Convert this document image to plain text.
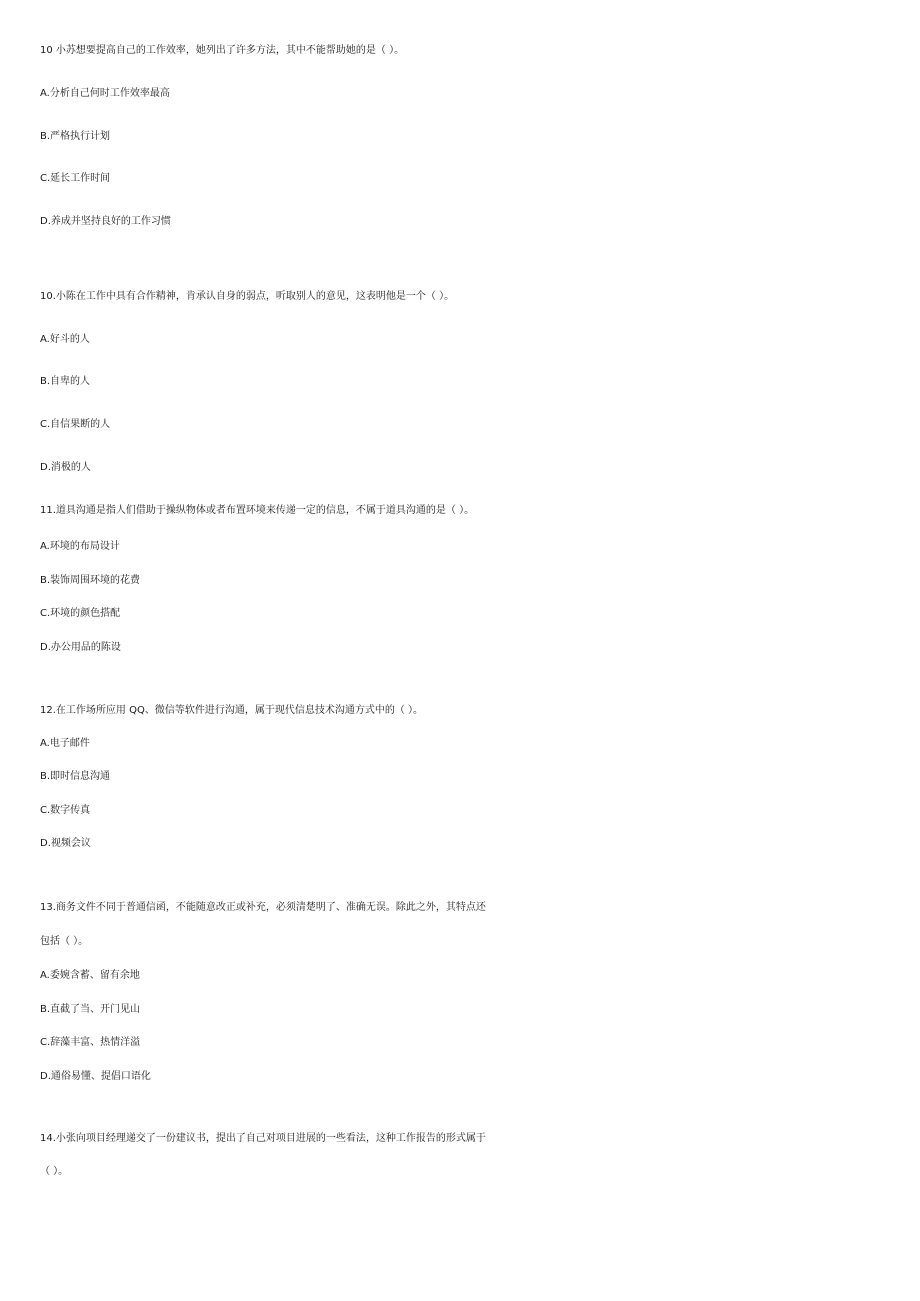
10 小苏想要提高自己的工作效率，她列出了许多方法，其中不能帮助她的是（ ）。
A.分析自己何时工作效率最高
B.严格执行计划
C.延长工作时间
D.养成并坚持良好的工作习惯
10.小陈在工作中具有合作精神，肯承认自身的弱点，听取别人的意见，这表明他是一个（ ）。
A.好斗的人
B.自卑的人
C.自信果断的人
D.消极的人
11.道具沟通是指人们借助于操纵物体或者布置环境来传递一定的信息，不属于道具沟通的是（ ）。
A.环境的布局设计
B.装饰周围环境的花费
C.环境的颜色搭配
D.办公用品的陈设
12.在工作场所应用 QQ、微信等软件进行沟通，属于现代信息技术沟通方式中的（ ）。
A.电子邮件
B.即时信息沟通
C.数字传真
D.视频会议
13.商务文件不同于普通信函，不能随意改正或补充，必须清楚明了、准确无误。除此之外，其特点还
包括（ ）。
A.委婉含蓄、留有余地
B.直截了当、开门见山
C.辞藻丰富、热情洋溢
D.通俗易懂、提倡口语化
14.小张向项目经理递交了一份建议书，提出了自己对项目进展的一些看法，这种工作报告的形式属于
（ ）。
